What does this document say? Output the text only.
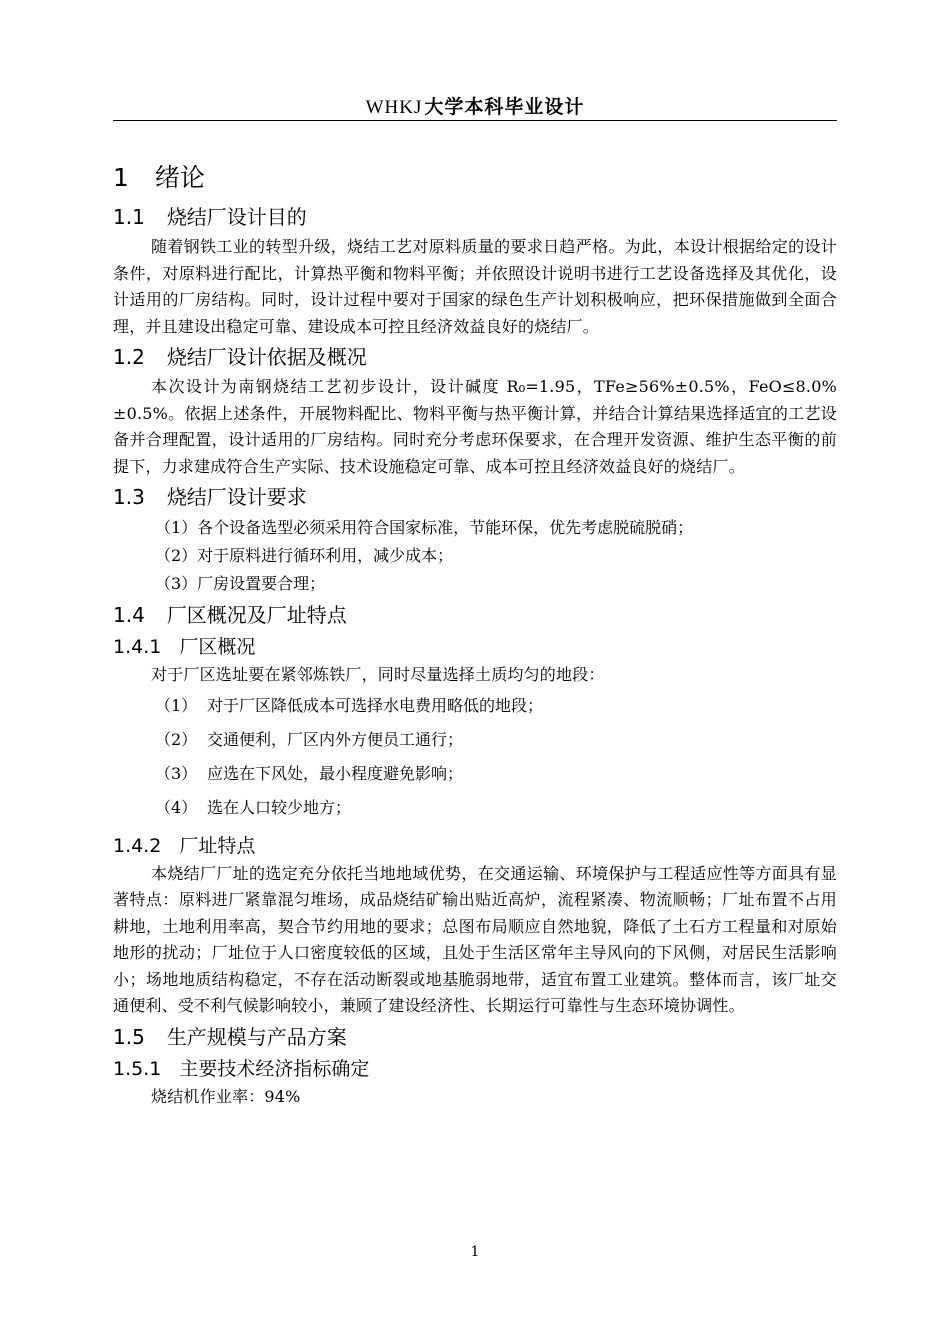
WHKJ 大学本科毕业设计
1 绪论
1.1 烧结厂设计目的

随着钢铁工业的转型升级，烧结工艺对原料质量的要求日趋严格。为此，本设计根据给定的设计条件，对原料进行配比，计算热平衡和物料平衡；并依照设计说明书进行工艺设备选择及其优化，设计适用的厂房结构。同时，设计过程中要对于国家的绿色生产计划积极响应，把环保措施做到全面合理，并且建设出稳定可靠、建设成本可控且经济效益良好的烧结厂。

1.2 烧结厂设计依据及概况

本次设计为南钢烧结工艺初步设计，设计碱度 R₀=1.95，TFe≥56%±0.5%，FeO≤8.0%±0.5%。依据上述条件，开展物料配比、物料平衡与热平衡计算，并结合计算结果选择适宜的工艺设备并合理配置，设计适用的厂房结构。同时充分考虑环保要求，在合理开发资源、维护生态平衡的前提下，力求建成符合生产实际、技术设施稳定可靠、成本可控且经济效益良好的烧结厂。

1.3 烧结厂设计要求

（1）各个设备选型必须采用符合国家标准，节能环保，优先考虑脱硫脱硝；

（2）对于原料进行循环利用，减少成本；

（3）厂房设置要合理；

1.4 厂区概况及厂址特点
1.4.1 厂区概况

对于厂区选址要在紧邻炼铁厂，同时尽量选择土质均匀的地段：

（1） 对于厂区降低成本可选择水电费用略低的地段；

（2） 交通便利，厂区内外方便员工通行；

（3） 应选在下风处，最小程度避免影响；

（4） 选在人口较少地方；

1.4.2 厂址特点

本烧结厂厂址的选定充分依托当地地域优势，在交通运输、环境保护与工程适应性等方面具有显著特点：原料进厂紧靠混匀堆场，成品烧结矿输出贴近高炉，流程紧凑、物流顺畅；厂址布置不占用耕地，土地利用率高，契合节约用地的要求；总图布局顺应自然地貌，降低了土石方工程量和对原始地形的扰动；厂址位于人口密度较低的区域，且处于生活区常年主导风向的下风侧，对居民生活影响小；场地地质结构稳定，不存在活动断裂或地基脆弱地带，适宜布置工业建筑。整体而言，该厂址交通便利、受不利气候影响较小，兼顾了建设经济性、长期运行可靠性与生态环境协调性。

1.5 生产规模与产品方案
1.5.1 主要技术经济指标确定

烧结机作业率：94%

1
